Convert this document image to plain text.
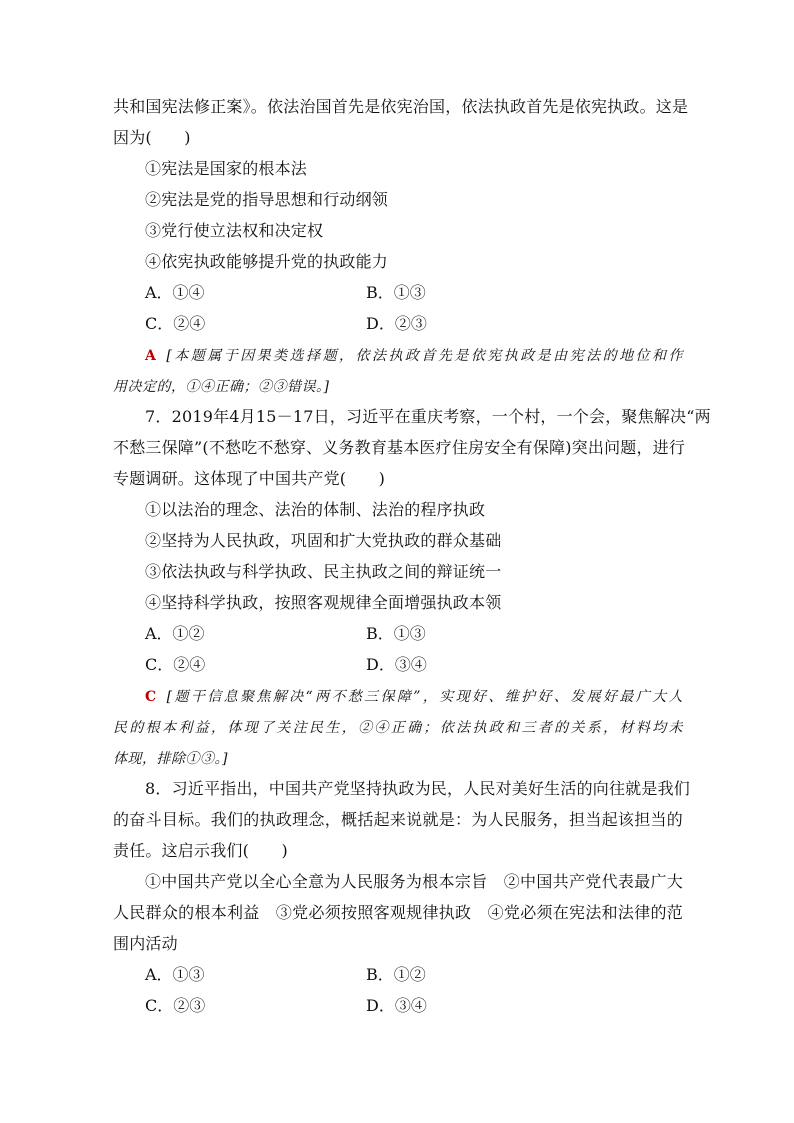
共和国宪法修正案》。依法治国首先是依宪治国，依法执政首先是依宪执政。这是
因为(　　)
①宪法是国家的根本法
②宪法是党的指导思想和行动纲领
③党行使立法权和决定权
④依宪执政能够提升党的执政能力
A．①④	B．①③
C．②④	D．②③
A [本题属于因果类选择题，依法执政首先是依宪执政是由宪法的地位和作
用决定的，①④正确；②③错误。]
7．2019年4月15－17日，习近平在重庆考察，一个村，一个会，聚焦解决“两
不愁三保障”(不愁吃不愁穿、义务教育基本医疗住房安全有保障)突出问题，进行
专题调研。这体现了中国共产党(　　)
①以法治的理念、法治的体制、法治的程序执政
②坚持为人民执政，巩固和扩大党执政的群众基础
③依法执政与科学执政、民主执政之间的辩证统一
④坚持科学执政，按照客观规律全面增强执政本领
A．①②	B．①③
C．②④	D．③④
C [题干信息聚焦解决“两不愁三保障”，实现好、维护好、发展好最广大人
民的根本利益，体现了关注民生，②④正确；依法执政和三者的关系，材料均未
体现，排除①③。]
8．习近平指出，中国共产党坚持执政为民，人民对美好生活的向往就是我们
的奋斗目标。我们的执政理念，概括起来说就是：为人民服务，担当起该担当的
责任。这启示我们(　　)
①中国共产党以全心全意为人民服务为根本宗旨　②中国共产党代表最广大
人民群众的根本利益　③党必须按照客观规律执政　④党必须在宪法和法律的范
围内活动
A．①③	B．①②
C．②③	D．③④
